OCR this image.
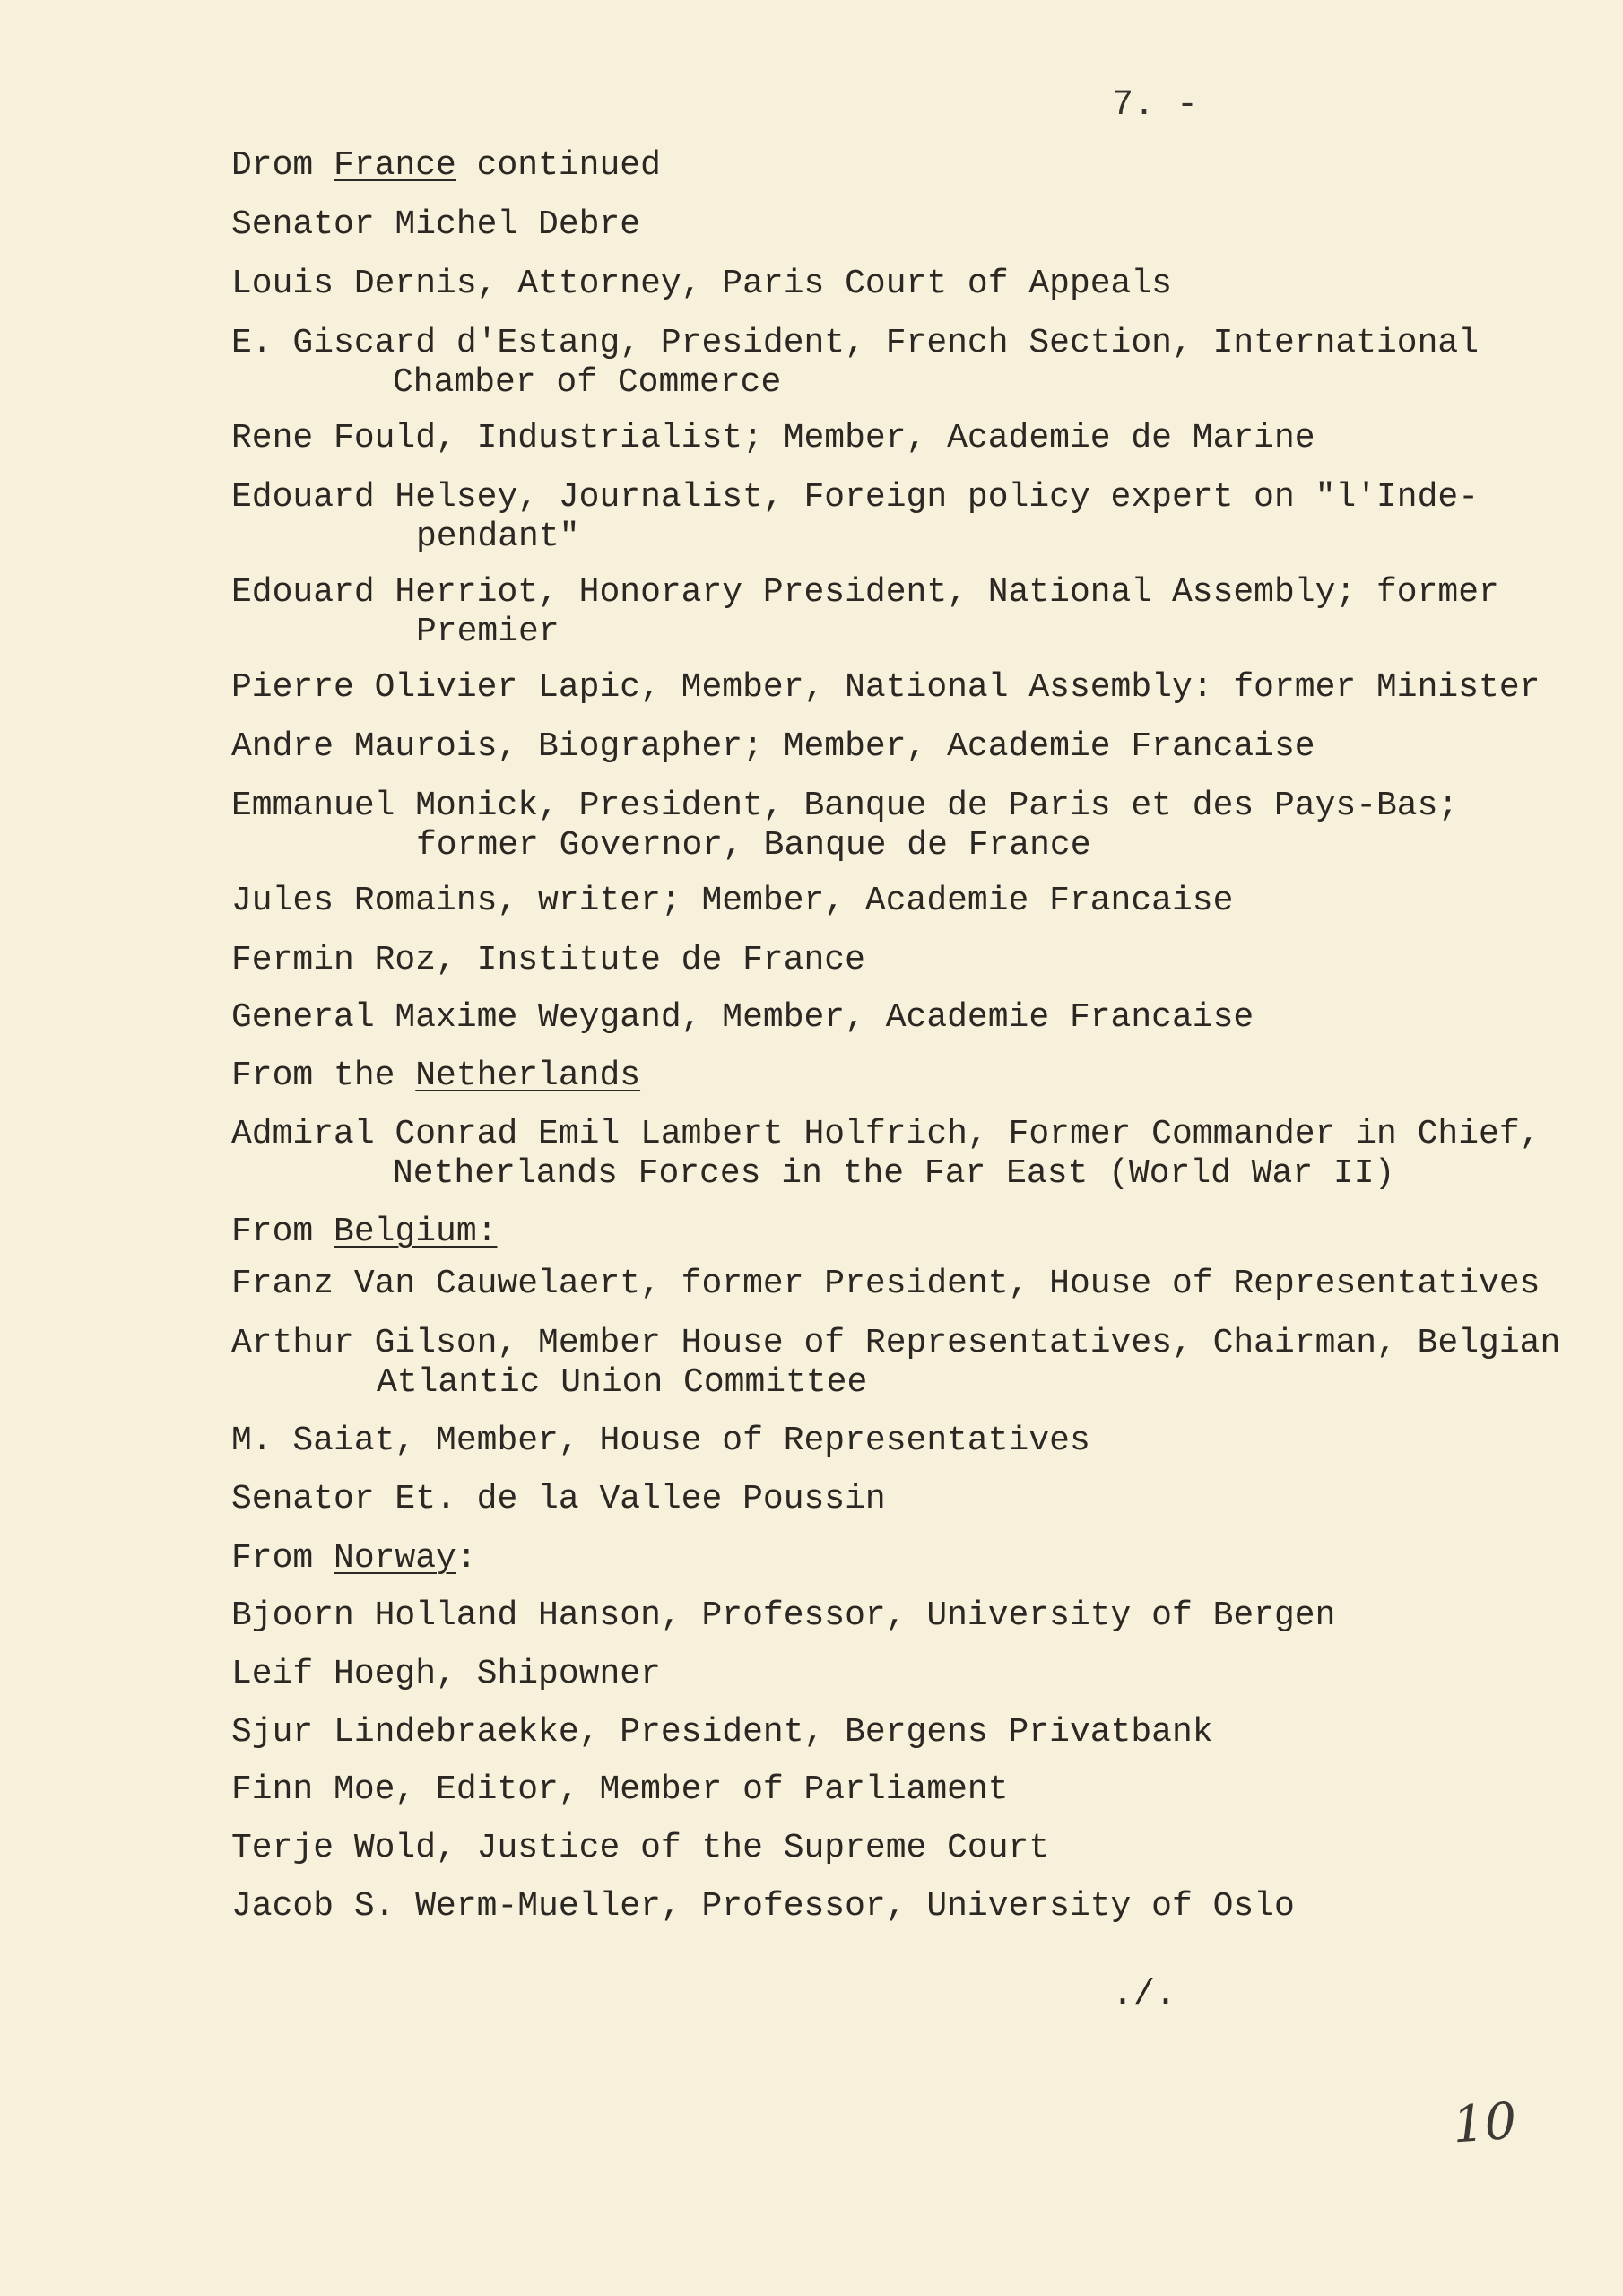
7. -
Drom France continued
Senator Michel Debre
Louis Dernis, Attorney, Paris Court of Appeals
E. Giscard d'Estang, President, French Section, International
Chamber of Commerce
Rene Fould, Industrialist; Member, Academie de Marine
Edouard Helsey, Journalist, Foreign policy expert on "l'Inde-
pendant"
Edouard Herriot, Honorary President, National Assembly; former
Premier
Pierre Olivier Lapic, Member, National Assembly: former Minister
Andre Maurois, Biographer; Member, Academie Francaise
Emmanuel Monick, President, Banque de Paris et des Pays-Bas;
former Governor, Banque de France
Jules Romains, writer; Member, Academie Francaise
Fermin Roz, Institute de France
General Maxime Weygand, Member, Academie Francaise
From the Netherlands
Admiral Conrad Emil Lambert Holfrich, Former Commander in Chief,
Netherlands Forces in the Far East (World War II)
From Belgium:
Franz Van Cauwelaert, former President, House of Representatives
Arthur Gilson, Member House of Representatives, Chairman, Belgian
Atlantic Union Committee
M. Saiat, Member, House of Representatives
Senator Et. de la Vallee Poussin
From Norway:
Bjoorn Holland Hanson, Professor, University of Bergen
Leif Hoegh, Shipowner
Sjur Lindebraekke, President, Bergens Privatbank
Finn Moe, Editor, Member of Parliament
Terje Wold, Justice of the Supreme Court
Jacob S. Werm-Mueller, Professor, University of Oslo
./.
10
